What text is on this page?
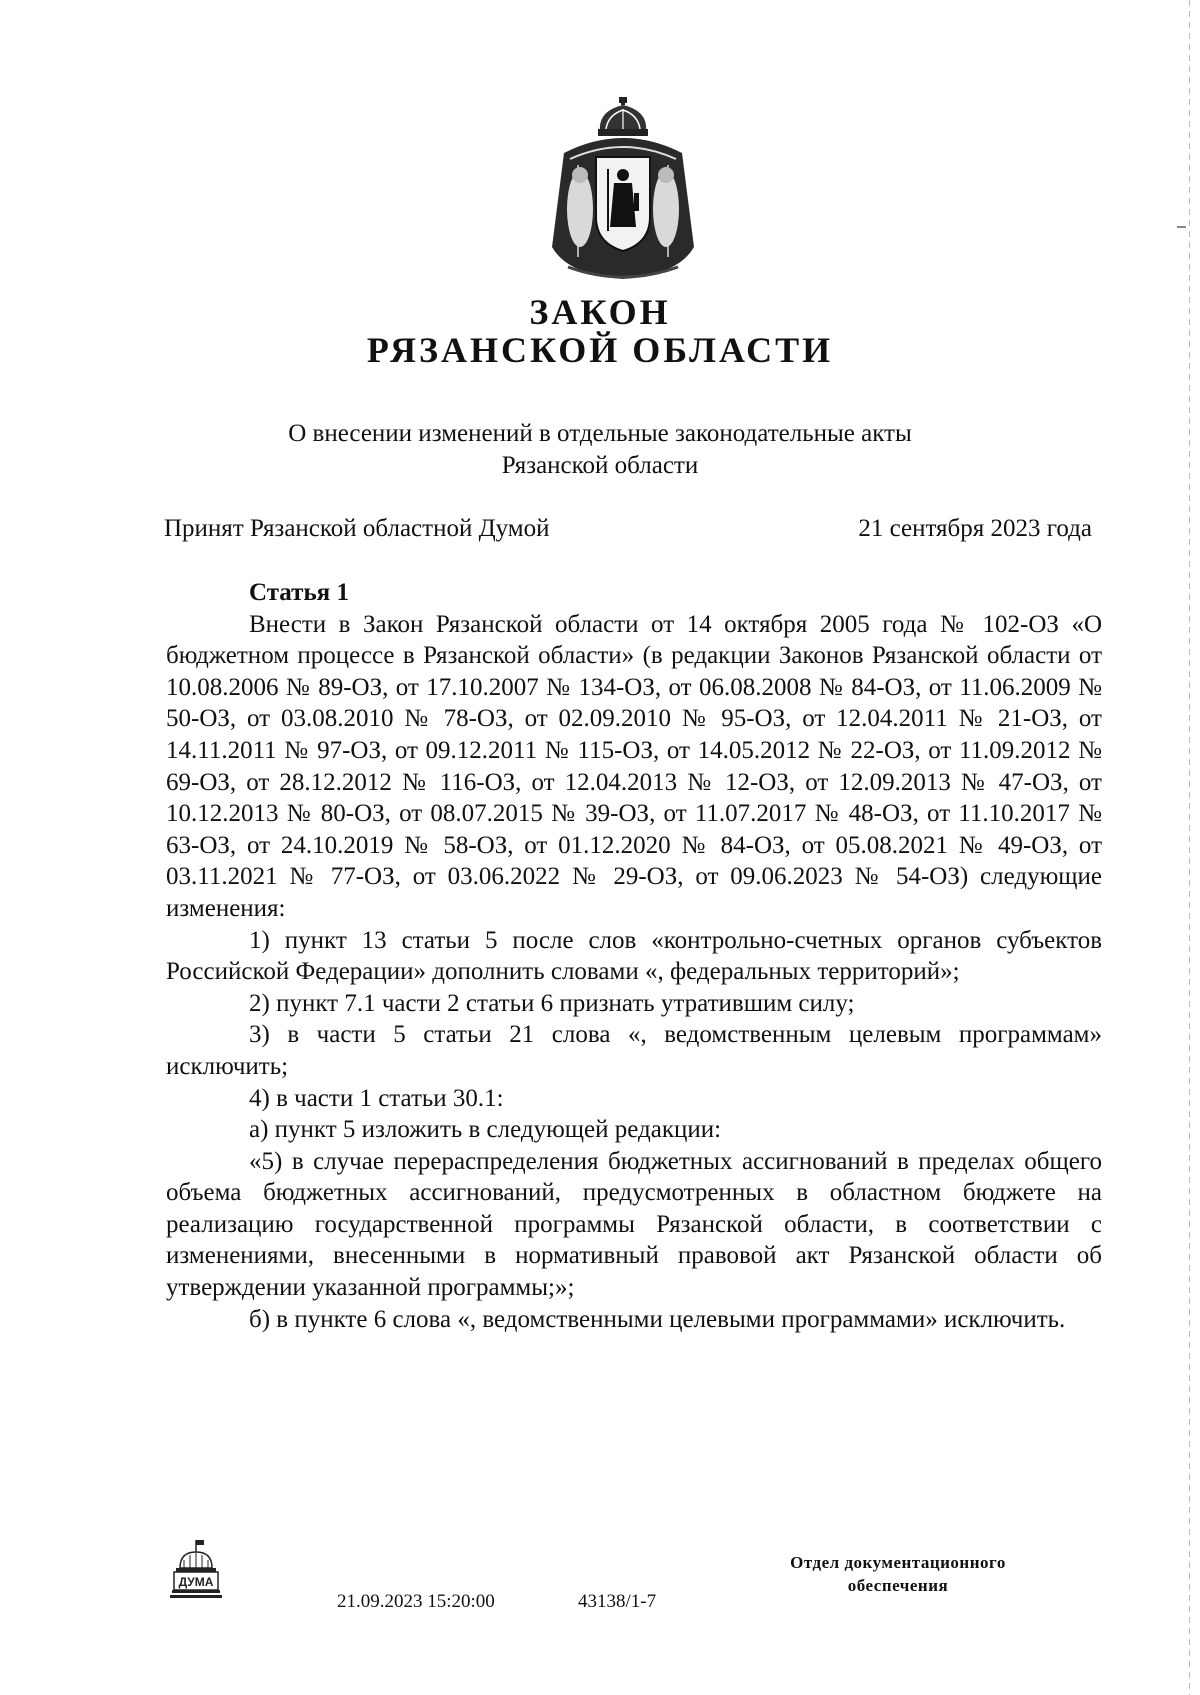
ЗАКОН
РЯЗАНСКОЙ ОБЛАСТИ
О внесении изменений в отдельные законодательные акты
Рязанской области
Принят Рязанской областной Думой	21 сентября 2023 года

Статья 1

Внести в Закон Рязанской области от 14 октября 2005 года № 102-ОЗ «О бюджетном процессе в Рязанской области» (в редакции Законов Рязанской области от 10.08.2006 № 89-ОЗ, от 17.10.2007 № 134-ОЗ, от 06.08.2008 № 84-ОЗ, от 11.06.2009 № 50-ОЗ, от 03.08.2010 № 78-ОЗ, от 02.09.2010 № 95-ОЗ, от 12.04.2011 № 21-ОЗ, от 14.11.2011 № 97-ОЗ, от 09.12.2011 № 115-ОЗ, от 14.05.2012 № 22-ОЗ, от 11.09.2012 № 69-ОЗ, от 28.12.2012 № 116-ОЗ, от 12.04.2013 № 12-ОЗ, от 12.09.2013 № 47-ОЗ, от 10.12.2013 № 80-ОЗ, от 08.07.2015 № 39-ОЗ, от 11.07.2017 № 48-ОЗ, от 11.10.2017 № 63-ОЗ, от 24.10.2019 № 58-ОЗ, от 01.12.2020 № 84-ОЗ, от 05.08.2021 № 49-ОЗ, от 03.11.2021 № 77-ОЗ, от 03.06.2022 № 29-ОЗ, от 09.06.2023 № 54-ОЗ) следующие изменения:

1) пункт 13 статьи 5 после слов «контрольно-счетных органов субъектов Российской Федерации» дополнить словами «, федеральных территорий»;

2) пункт 7.1 части 2 статьи 6 признать утратившим силу;

3) в части 5 статьи 21 слова «, ведомственным целевым программам» исключить;

4) в части 1 статьи 30.1:

а) пункт 5 изложить в следующей редакции:

«5) в случае перераспределения бюджетных ассигнований в пределах общего объема бюджетных ассигнований, предусмотренных в областном бюджете на реализацию государственной программы Рязанской области, в соответствии с изменениями, внесенными в нормативный правовой акт Рязанской области об утверждении указанной программы;»;

б) в пункте 6 слова «, ведомственными целевыми программами» исключить.

ДУМА
21.09.2023 15:20:00	43138/1-7
Отдел документационного
обеспечения
